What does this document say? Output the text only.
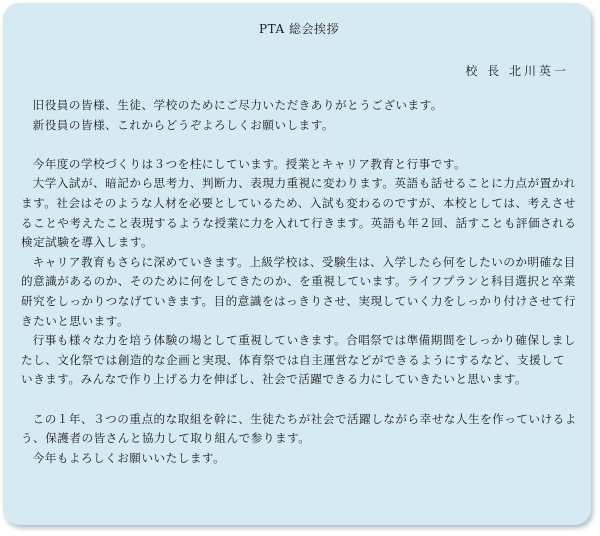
PTA 総会挨拶
校 長 北川英一

旧役員の皆様、生徒、学校のためにご尽力いただきありがとうございます。

新役員の皆様、これからどうぞよろしくお願いします。

今年度の学校づくりは３つを柱にしています。授業とキャリア教育と行事です。

大学入試が、暗記から思考力、判断力、表現力重視に変わります。英語も話せることに力点が置かれます。社会はそのような人材を必要としているため、入試も変わるのですが、本校としては、考えさせることや考えたこと表現するような授業に力を入れて行きます。英語も年２回、話すことも評価される検定試験を導入します。

キャリア教育もさらに深めていきます。上級学校は、受験生は、入学したら何をしたいのか明確な目的意識があるのか、そのために何をしてきたのか、を重視しています。ライフプランと科目選択と卒業研究をしっかりつなげていきます。目的意識をはっきりさせ、実現していく力をしっかり付けさせて行きたいと思います。

行事も様々な力を培う体験の場として重視していきます。合唱祭では準備期間をしっかり確保しましたし、文化祭では創造的な企画と実現、体育祭では自主運営などができるようにするなど、支援していきます。みんなで作り上げる力を伸ばし、社会で活躍できる力にしていきたいと思います。

この１年、３つの重点的な取組を幹に、生徒たちが社会で活躍しながら幸せな人生を作っていけるよう、保護者の皆さんと協力して取り組んで参ります。

今年もよろしくお願いいたします。
